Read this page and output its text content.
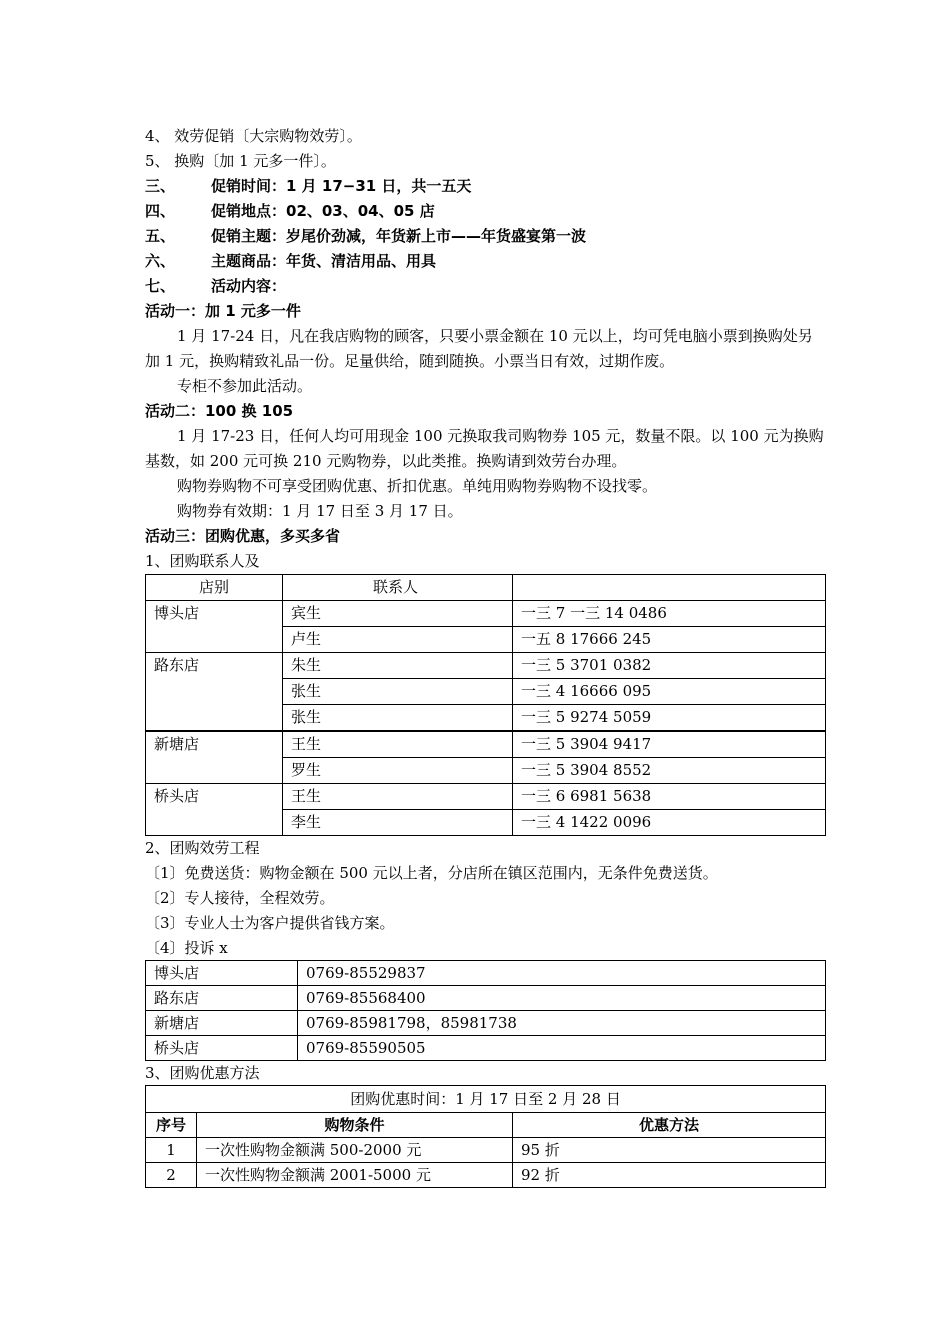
4、 效劳促销〔大宗购物效劳〕。
5、 换购〔加 1 元多一件〕。
三、	促销时间：1 月 17−31 日，共一五天
四、	促销地点：02、03、04、05 店
五、	促销主题：岁尾价劲减，年货新上市——年货盛宴第一波
六、	主题商品：年货、清洁用品、用具
七、	活动内容：
活动一：加 1 元多一件
1 月 17-24 日，凡在我店购物的顾客，只要小票金额在 10 元以上，均可凭电脑小票到换购处另加 1 元，换购精致礼品一份。足量供给，随到随换。小票当日有效，过期作废。
专柜不参加此活动。
活动二：100 换 105
1 月 17-23 日，任何人均可用现金 100 元换取我司购物券 105 元，数量不限。以 100 元为换购基数，如 200 元可换 210 元购物券，以此类推。换购请到效劳台办理。
购物券购物不可享受团购优惠、折扣优惠。单纯用购物券购物不设找零。
购物券有效期：1 月 17 日至 3 月 17 日。
活动三：团购优惠，多买多省
1、团购联系人及
店别	联系人	
博头店	宾生	一三 7 一三 14 0486
	卢生	一五 8 17666 245
路东店	朱生	一三 5 3701 0382
	张生	一三 4 16666 095
	张生	一三 5 9274 5059
新塘店	王生	一三 5 3904 9417
	罗生	一三 5 3904 8552
桥头店	王生	一三 6 6981 5638
	李生	一三 4 1422 0096
2、团购效劳工程
〔1〕免费送货：购物金额在 500 元以上者，分店所在镇区范围内，无条件免费送货。
〔2〕专人接待，全程效劳。
〔3〕专业人士为客户提供省钱方案。
〔4〕投诉 x
博头店	0769-85529837
路东店	0769-85568400
新塘店	0769-85981798，85981738
桥头店	0769-85590505
3、团购优惠方法
团购优惠时间：1 月 17 日至 2 月 28 日		
序号	购物条件	优惠方法
1	一次性购物金额满 500-2000 元	95 折
2	一次性购物金额满 2001-5000 元	92 折
